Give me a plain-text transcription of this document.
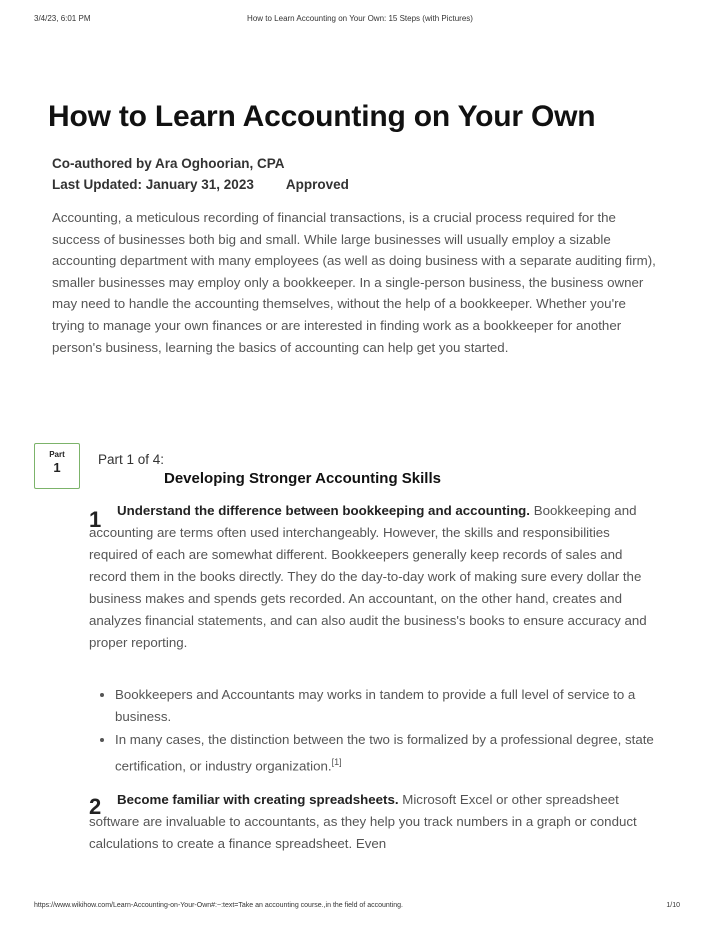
3/4/23, 6:01 PM	How to Learn Accounting on Your Own: 15 Steps (with Pictures)
How to Learn Accounting on Your Own
Co-authored by Ara Oghoorian, CPA
Last Updated: January 31, 2023 Approved

Accounting, a meticulous recording of financial transactions, is a crucial process required for the success of businesses both big and small. While large businesses will usually employ a sizable accounting department with many employees (as well as doing business with a separate auditing firm), smaller businesses may employ only a bookkeeper. In a single-person business, the business owner may need to handle the accounting themselves, without the help of a bookkeeper. Whether you're trying to manage your own finances or are interested in finding work as a bookkeeper for another person's business, learning the basics of accounting can help get you started.

Part
1
Part 1 of 4:
Developing Stronger Accounting Skills
1	Understand the difference between bookkeeping and accounting. Bookkeeping and accounting are terms often used interchangeably. However, the skills and responsibilities required of each are somewhat different. Bookkeepers generally keep records of sales and record them in the books directly. They do the day-to-day work of making sure every dollar the business makes and spends gets recorded. An accountant, on the other hand, creates and analyzes financial statements, and can also audit the business's books to ensure accuracy and proper reporting.

• Bookkeepers and Accountants may works in tandem to provide a full level of service to a business.
• In many cases, the distinction between the two is formalized by a professional degree, state certification, or industry organization.[1]
2	Become familiar with creating spreadsheets. Microsoft Excel or other spreadsheet software are invaluable to accountants, as they help you track numbers in a graph or conduct calculations to create a finance spreadsheet. Even

https://www.wikihow.com/Learn-Accounting-on-Your-Own#:~:text=Take an accounting course.,in the field of accounting.	1/10
